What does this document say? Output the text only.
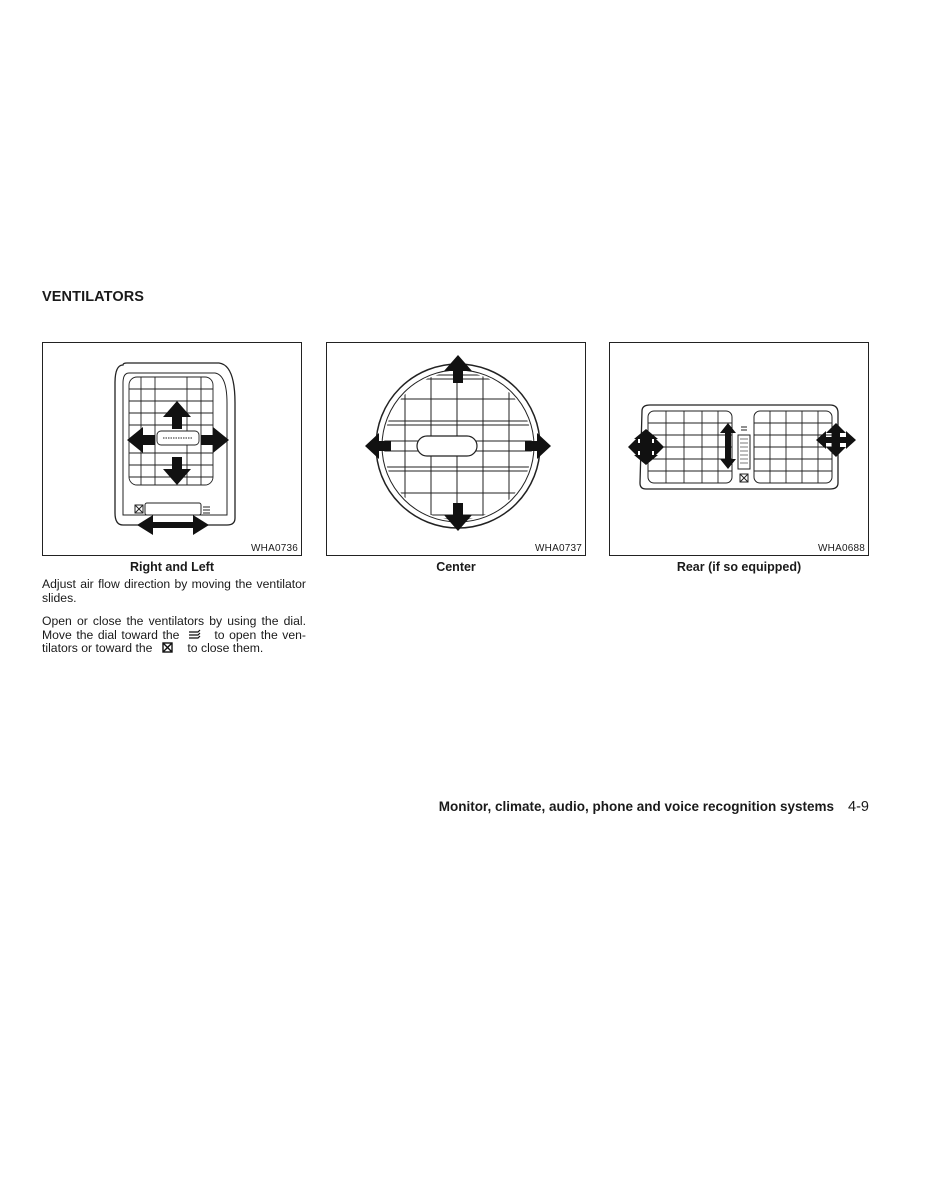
VENTILATORS
WHA0736
Right and Left
WHA0737
Center
WHA0688
Rear (if so equipped)

Adjust air flow direction by moving the ventilator slides.

Open or close the ventilators by using the dial. Move the dial toward the	to open the ven-tilators or toward the	to close them.

Monitor, climate, audio, phone and voice recognition systems 4-9
